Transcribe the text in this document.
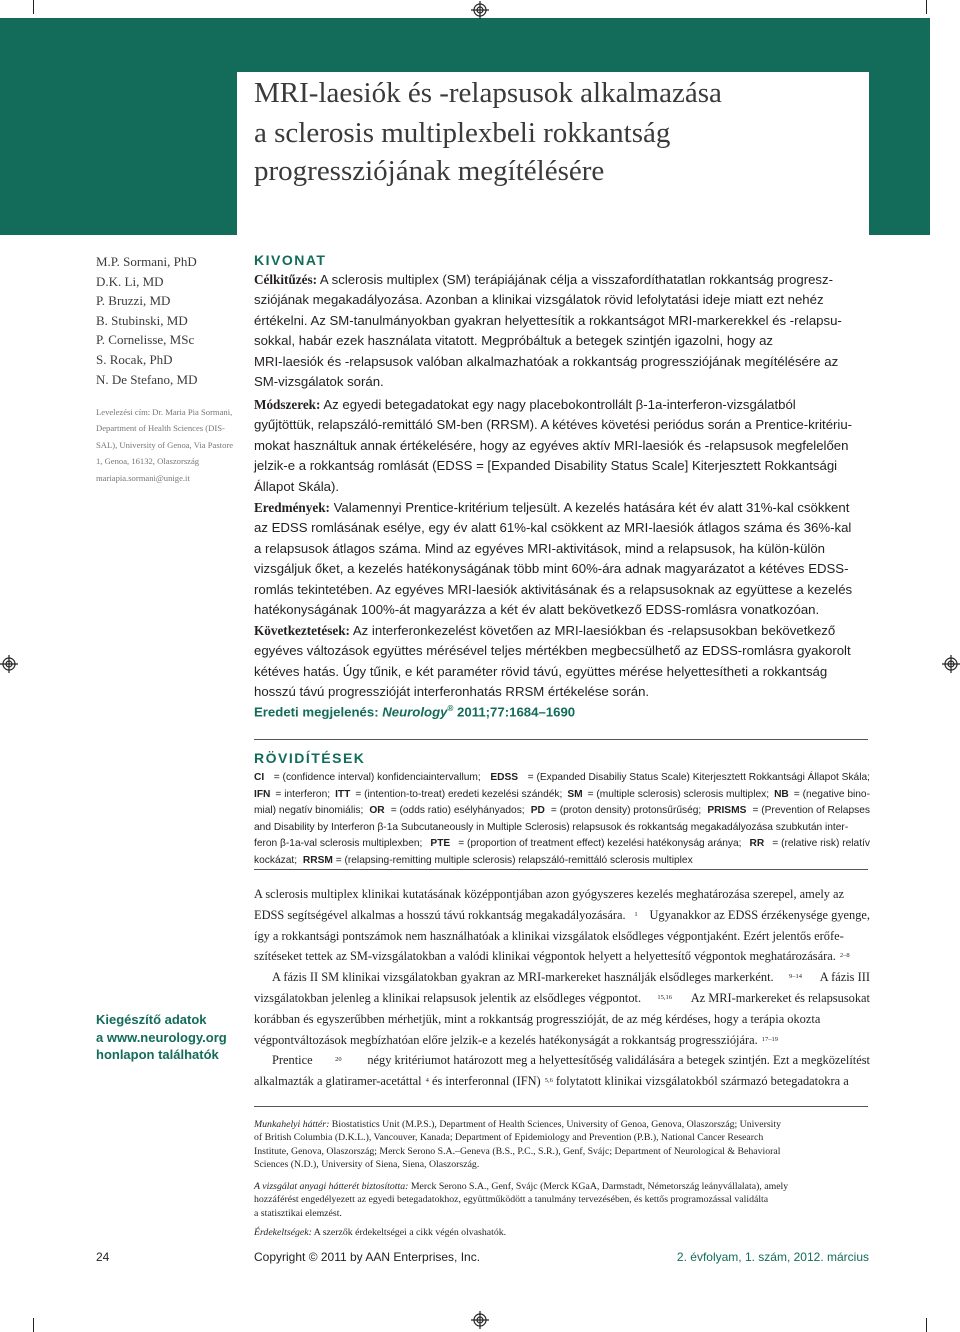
MRI-laesiók és -relapsusok alkalmazása
a sclerosis multiplexbeli rokkantság
progressziójának megítélésére
M.P. Sormani, PhD
D.K. Li, MD
P. Bruzzi, MD
B. Stubinski, MD
P. Cornelisse, MSc
S. Rocak, PhD
N. De Stefano, MD
Levelezési cím: Dr. Maria Pia Sormani,
Department of Health Sciences (DIS-
SAL), University of Genoa, Via Pastore
1, Genoa, 16132, Olaszország
mariapia.sormani@unige.it
KIVONAT
Célkitűzés: A sclerosis multiplex (SM) terápiájának célja a visszafordíthatatlan rokkantság progresz-
sziójának megakadályozása. Azonban a klinikai vizsgálatok rövid lefolytatási ideje miatt ezt nehéz
értékelni. Az SM-tanulmányokban gyakran helyettesítik a rokkantságot MRI-markerekkel és -relapsu-
sokkal, habár ezek használata vitatott. Megpróbáltuk a betegek szintjén igazolni, hogy az
MRI-laesiók és -relapsusok valóban alkalmazhatóak a rokkantság progressziójának megítélésére az
SM-vizsgálatok során.
Módszerek: Az egyedi betegadatokat egy nagy placebokontrollált β-1a-interferon-vizsgálatból
gyűjtöttük, relapszáló-remittáló SM-ben (RRSM). A kétéves követési periódus során a Prentice-kritériu-
mokat használtuk annak értékelésére, hogy az egyéves aktív MRI-laesiók és -relapsusok megfelelően
jelzik-e a rokkantság romlását (EDSS = [Expanded Disability Status Scale] Kiterjesztett Rokkantsági
Állapot Skála).
Eredmények: Valamennyi Prentice-kritérium teljesült. A kezelés hatására két év alatt 31%-kal csökkent
az EDSS romlásának esélye, egy év alatt 61%-kal csökkent az MRI-laesiók átlagos száma és 36%-kal
a relapsusok átlagos száma. Mind az egyéves MRI-aktivitások, mind a relapsusok, ha külön-külön
vizsgáljuk őket, a kezelés hatékonyságának több mint 60%-ára adnak magyarázatot a kétéves EDSS-
romlás tekintetében. Az egyéves MRI-laesiók aktivitásának és a relapsusoknak az együttese a kezelés
hatékonyságának 100%-át magyarázza a két év alatt bekövetkező EDSS-romlásra vonatkozóan.
Következtetések: Az interferonkezelést követően az MRI-laesiókban és -relapsusokban bekövetkező
egyéves változások együttes mérésével teljes mértékben megbecsülhető az EDSS-romlásra gyakorolt
kétéves hatás. Úgy tűnik, e két paraméter rövid távú, együttes mérése helyettesítheti a rokkantság
hosszú távú progresszióját interferonhatás RRSM értékelése során.
Eredeti megjelenés: Neurology® 2011;77:1684–1690
RÖVIDÍTÉSEK
CI = (confidence interval) konfidenciaintervallum; EDSS = (Expanded Disabiliy Status Scale) Kiterjesztett Rokkantsági Állapot Skála;
IFN = interferon; ITT = (intention-to-treat) eredeti kezelési szándék; SM = (multiple sclerosis) sclerosis multiplex; NB = (negative bino-
mial) negatív binomiális; OR = (odds ratio) esélyhányados; PD = (proton density) protonsűrűség; PRISMS = (Prevention of Relapses
and Disability by Interferon β-1a Subcutaneously in Multiple Sclerosis) relapsusok és rokkantság megakadályozása szubkután inter-
feron β-1a-val sclerosis multiplexben; PTE = (proportion of treatment effect) kezelési hatékonyság aránya; RR = (relative risk) relatív
kockázat; RRSM = (relapsing-remitting multiple sclerosis) relapszáló-remittáló sclerosis multiplex
Kiegészítő adatok
a www.neurology.org
honlapon találhatók
A sclerosis multiplex klinikai kutatásának középpontjában azon gyógyszeres kezelés meghatározása szerepel, amely az
EDSS segítségével alkalmas a hosszú távú rokkantság megakadályozására. 1 Ugyanakkor az EDSS érzékenysége gyenge,
így a rokkantsági pontszámok nem használhatóak a klinikai vizsgálatok elsődleges végpontjaként. Ezért jelentős erőfe-
szítéseket tettek az SM-vizsgálatokban a valódi klinikai végpontok helyett a helyettesítő végpontok meghatározására. 2–8
A fázis II SM klinikai vizsgálatokban gyakran az MRI-markereket használják elsődleges markerként. 9–14 A fázis III
vizsgálatokban jelenleg a klinikai relapsusok jelentik az elsődleges végpontot.	15,16 Az MRI-markereket és relapsusokat
korábban és egyszerűbben mérhetjük, mint a rokkantság progresszióját, de az még kérdéses, hogy a terápia okozta
végpontváltozások megbízhatóan előre jelzik-e a kezelés hatékonyságát a rokkantság progressziójára. 17–19
Prentice	20 négy kritériumot határozott meg a helyettesítőség validálására a betegek szintjén. Ezt a megközelítést
alkalmazták a glatiramer-acetáttal 4 és interferonnal (IFN) 5,6 folytatott klinikai vizsgálatokból származó betegadatokra a
Munkahelyi háttér: Biostatistics Unit (M.P.S.), Department of Health Sciences, University of Genoa, Genova, Olaszország; University
of British Columbia (D.K.L.), Vancouver, Kanada; Department of Epidemiology and Prevention (P.B.), National Cancer Research
Institute, Genova, Olaszország; Merck Serono S.A.–Geneva (B.S., P.C., S.R.), Genf, Svájc; Department of Neurological & Behavioral
Sciences (N.D.), University of Siena, Siena, Olaszország.
A vizsgálat anyagi hátterét biztosította: Merck Serono S.A., Genf, Svájc (Merck KGaA, Darmstadt, Németország leányvállalata), amely
hozzáférést engedélyezett az egyedi betegadatokhoz, együttműködött a tanulmány tervezésében, és kettős programozással validálta
a statisztikai elemzést.
Érdekeltségek: A szerzők érdekeltségei a cikk végén olvashatók.
24	Copyright © 2011 by AAN Enterprises, Inc.	2. évfolyam, 1. szám, 2012. március
